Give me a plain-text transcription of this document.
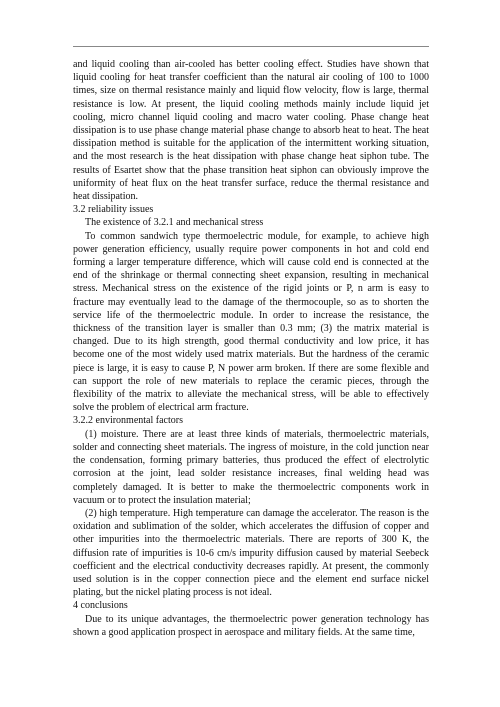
and liquid cooling than air-cooled has better cooling effect. Studies have shown that liquid cooling for heat transfer coefficient than the natural air cooling of 100 to 1000 times, size on thermal resistance mainly and liquid flow velocity, flow is large, thermal resistance is low. At present, the liquid cooling methods mainly include liquid jet cooling, micro channel liquid cooling and macro water cooling. Phase change heat dissipation is to use phase change material phase change to absorb heat to heat. The heat dissipation method is suitable for the application of the intermittent working situation, and the most research is the heat dissipation with phase change heat siphon tube. The results of Esartet show that the phase transition heat siphon can obviously improve the uniformity of heat flux on the heat transfer surface, reduce the thermal resistance and heat dissipation.

3.2 reliability issues

The existence of 3.2.1 and mechanical stress

To common sandwich type thermoelectric module, for example, to achieve high power generation efficiency, usually require power components in hot and cold end forming a larger temperature difference, which will cause cold end is connected at the end of the shrinkage or thermal connecting sheet expansion, resulting in mechanical stress. Mechanical stress on the existence of the rigid joints or P, n arm is easy to fracture may eventually lead to the damage of the thermocouple, so as to shorten the service life of the thermoelectric module. In order to increase the resistance, the thickness of the transition layer is smaller than 0.3 mm; (3) the matrix material is changed. Due to its high strength, good thermal conductivity and low price, it has become one of the most widely used matrix materials. But the hardness of the ceramic piece is large, it is easy to cause P, N power arm broken. If there are some flexible and can support the role of new materials to replace the ceramic pieces, through the flexibility of the matrix to alleviate the mechanical stress, will be able to effectively solve the problem of electrical arm fracture.

3.2.2 environmental factors

(1) moisture. There are at least three kinds of materials, thermoelectric materials, solder and connecting sheet materials. The ingress of moisture, in the cold junction near the condensation, forming primary batteries, thus produced the effect of electrolytic corrosion at the joint, lead solder resistance increases, final welding head was completely damaged. It is better to make the thermoelectric components work in vacuum or to protect the insulation material;

(2) high temperature. High temperature can damage the accelerator. The reason is the oxidation and sublimation of the solder, which accelerates the diffusion of copper and other impurities into the thermoelectric materials. There are reports of 300 K, the diffusion rate of impurities is 10-6 cm/s impurity diffusion caused by material Seebeck coefficient and the electrical conductivity decreases rapidly. At present, the commonly used solution is in the copper connection piece and the element end surface nickel plating, but the nickel plating process is not ideal.

4 conclusions

Due to its unique advantages, the thermoelectric power generation technology has shown a good application prospect in aerospace and military fields. At the same time,
